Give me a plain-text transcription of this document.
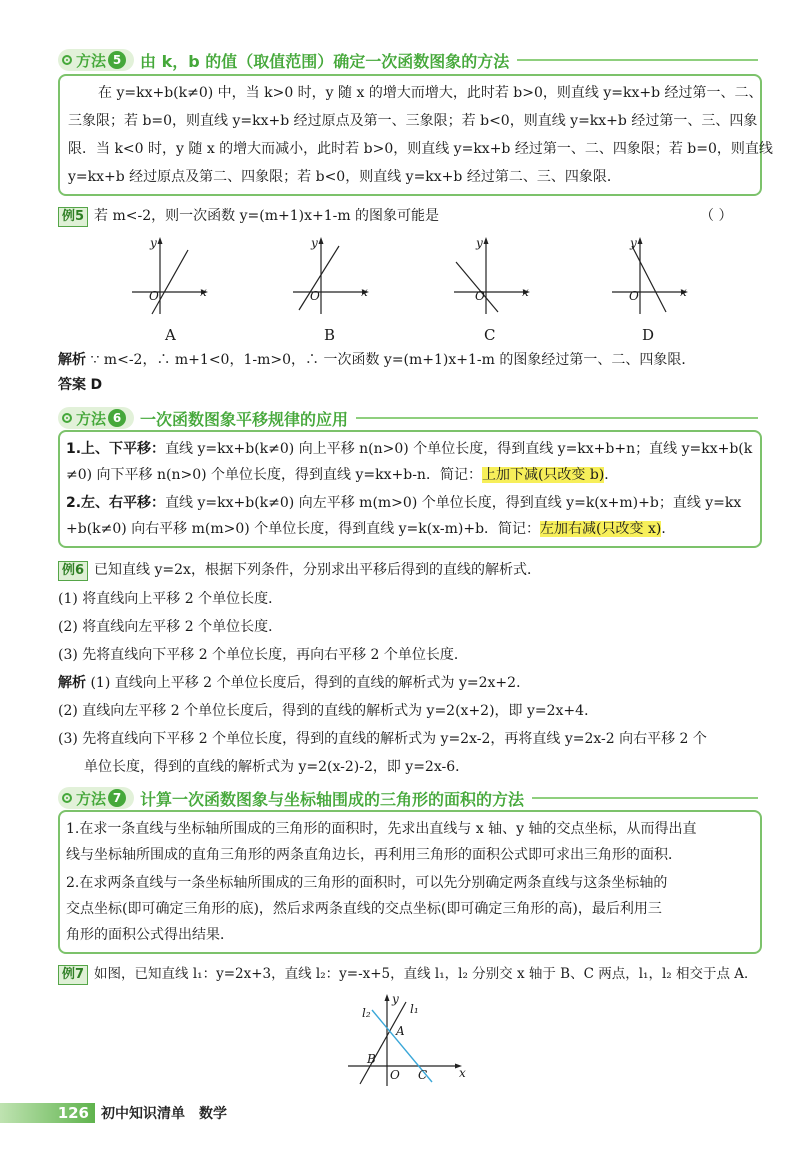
方法 5	由 k，b 的值（取值范围）确定一次函数图象的方法
在 y=kx+b(k≠0) 中，当 k>0 时，y 随 x 的增大而增大，此时若 b>0，则直线 y=kx+b 经过第一、二、
三象限；若 b=0，则直线 y=kx+b 经过原点及第一、三象限；若 b<0，则直线 y=kx+b 经过第一、三、四象
限．当 k<0 时，y 随 x 的增大而减小，此时若 b>0，则直线 y=kx+b 经过第一、二、四象限；若 b=0，则直线
y=kx+b 经过原点及第二、四象限；若 b<0，则直线 y=kx+b 经过第二、三、四象限．
例5 若 m<-2，则一次函数 y=(m+1)x+1-m 的图象可能是	（ ）
y
x
O
A
y
x
O
B
y
x
O
C
y
x
O
D
解析 ∵ m<-2，∴ m+1<0，1-m>0，∴ 一次函数 y=(m+1)x+1-m 的图象经过第一、二、四象限．
答案 D
方法 6	一次函数图象平移规律的应用
1.上、下平移：直线 y=kx+b(k≠0) 向上平移 n(n>0) 个单位长度，得到直线 y=kx+b+n；直线 y=kx+b(k
≠0) 向下平移 n(n>0) 个单位长度，得到直线 y=kx+b-n．简记：上加下减(只改变 b)．
2.左、右平移：直线 y=kx+b(k≠0) 向左平移 m(m>0) 个单位长度，得到直线 y=k(x+m)+b；直线 y=kx
+b(k≠0) 向右平移 m(m>0) 个单位长度，得到直线 y=k(x-m)+b．简记：左加右减(只改变 x)．
例6 已知直线 y=2x，根据下列条件，分别求出平移后得到的直线的解析式．
(1) 将直线向上平移 2 个单位长度．
(2) 将直线向左平移 2 个单位长度．
(3) 先将直线向下平移 2 个单位长度，再向右平移 2 个单位长度．
解析 (1) 直线向上平移 2 个单位长度后，得到的直线的解析式为 y=2x+2．
(2) 直线向左平移 2 个单位长度后，得到的直线的解析式为 y=2(x+2)，即 y=2x+4．
(3) 先将直线向下平移 2 个单位长度，得到的直线的解析式为 y=2x-2，再将直线 y=2x-2 向右平移 2 个
单位长度，得到的直线的解析式为 y=2(x-2)-2，即 y=2x-6．
方法 7	计算一次函数图象与坐标轴围成的三角形的面积的方法
1.在求一条直线与坐标轴所围成的三角形的面积时，先求出直线与 x 轴、y 轴的交点坐标，从而得出直
线与坐标轴所围成的直角三角形的两条直角边长，再利用三角形的面积公式即可求出三角形的面积．
2.在求两条直线与一条坐标轴所围成的三角形的面积时，可以先分别确定两条直线与这条坐标轴的
交点坐标(即可确定三角形的底)，然后求两条直线的交点坐标(即可确定三角形的高)，最后利用三
角形的面积公式得出结果．
例7 如图，已知直线 l₁：y=2x+3，直线 l₂：y=-x+5，直线 l₁，l₂ 分别交 x 轴于 B、C 两点，l₁，l₂ 相交于点 A．
l₂
y
l₁
A
B
O C	x
126 初中知识清单　数学
